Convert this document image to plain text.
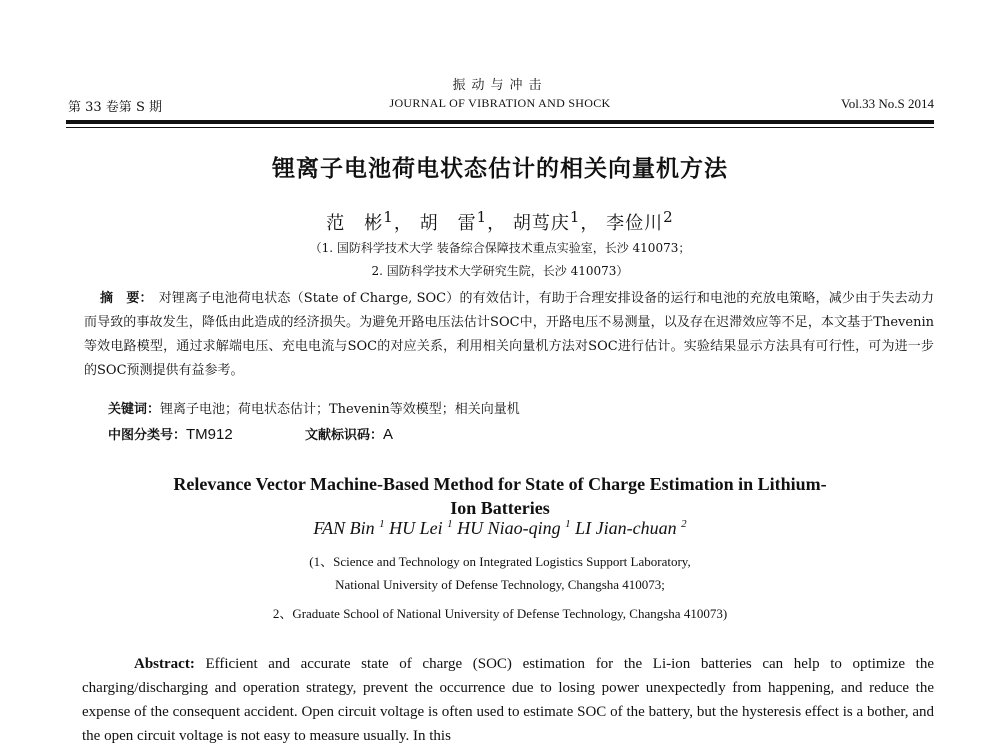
振动与冲击
第 33 卷第 S 期	JOURNAL OF VIBRATION AND SHOCK	Vol.33 No.S 2014
锂离子电池荷电状态估计的相关向量机方法
范　彬$^1$， 胡　雷$^1$， 胡茑庆$^1$， 李俭川$^2$
（1. 国防科学技术大学 装备综合保障技术重点实验室，长沙 410073；
2. 国防科学技术大学研究生院，长沙 410073）

摘　要： 对锂离子电池荷电状态（State of Charge, SOC）的有效估计，有助于合理安排设备的运行和电池的充放电策略，减少由于失去动力而导致的事故发生，降低由此造成的经济损失。为避免开路电压法估计SOC中，开路电压不易测量，以及存在迟滞效应等不足，本文基于Thevenin等效电路模型，通过求解端电压、充电电流与SOC的对应关系，利用相关向量机方法对SOC进行估计。实验结果显示方法具有可行性，可为进一步的SOC预测提供有益参考。

关键词：锂离子电池；荷电状态估计；Thevenin等效模型；相关向量机
中图分类号：TM912	文献标识码：A
Relevance Vector Machine-Based Method for State of Charge Estimation in Lithium-Ion Batteries
FAN Bin $^1$ HU Lei $^1$ HU Niao-qing $^1$ LI Jian-chuan $^2$
(1、Science and Technology on Integrated Logistics Support Laboratory,
National University of Defense Technology, Changsha 410073;
2、Graduate School of National University of Defense Technology, Changsha 410073)

Abstract: Efficient and accurate state of charge (SOC) estimation for the Li-ion batteries can help to optimize the charging/discharging and operation strategy, prevent the occurrence due to losing power unexpectedly from happening, and reduce the expense of the consequent accident. Open circuit voltage is often used to estimate SOC of the battery, but the hysteresis effect is a bother, and the open circuit voltage is not easy to measure usually. In this
